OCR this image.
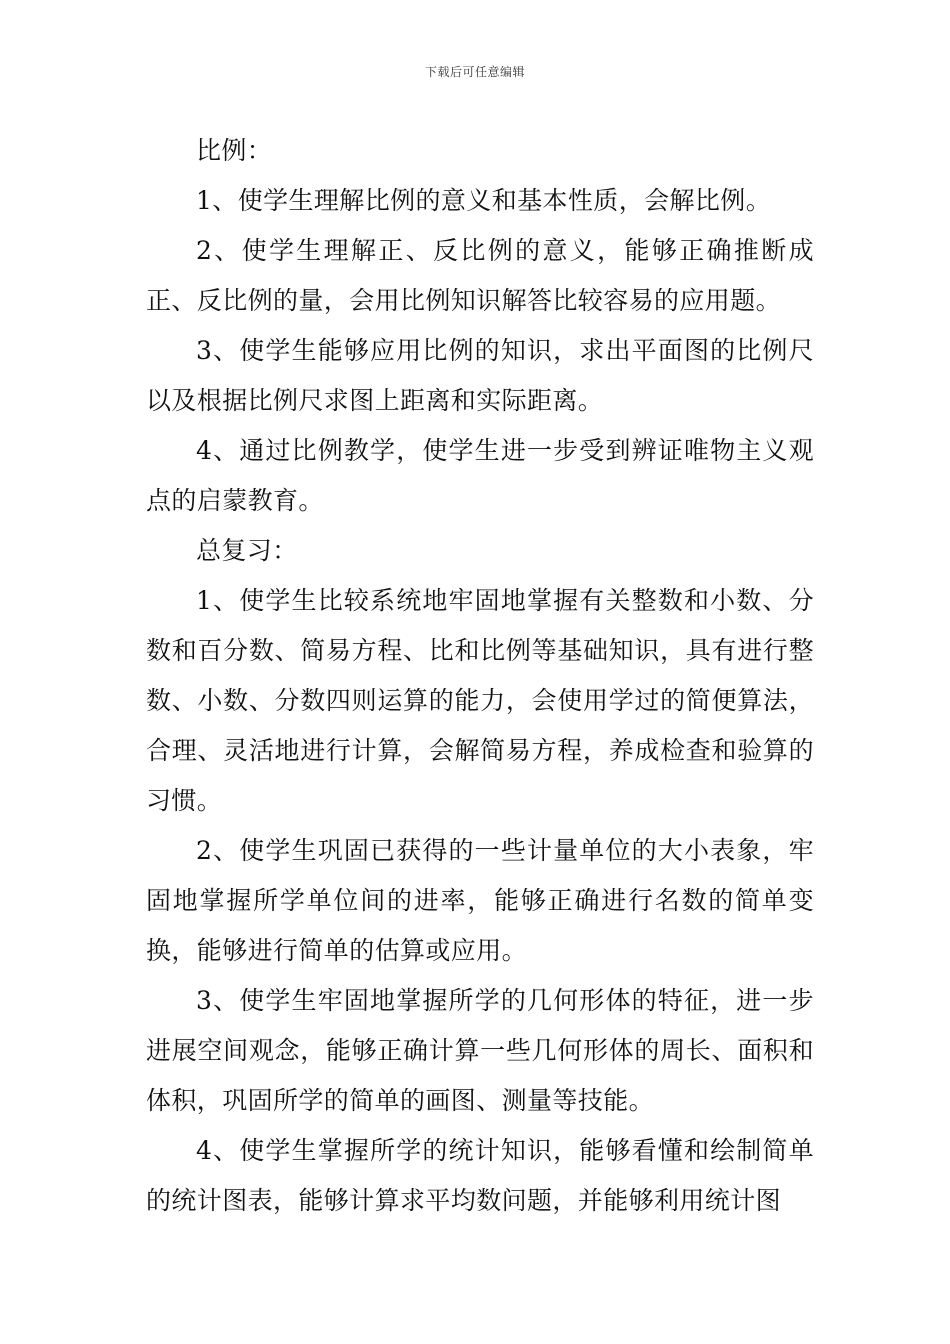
下载后可任意编辑

比例：

1、使学生理解比例的意义和基本性质，会解比例。

2、使学生理解正、反比例的意义，能够正确推断成正、反比例的量，会用比例知识解答比较容易的应用题。

3、使学生能够应用比例的知识，求出平面图的比例尺以及根据比例尺求图上距离和实际距离。

4、通过比例教学，使学生进一步受到辨证唯物主义观点的启蒙教育。

总复习：

1、使学生比较系统地牢固地掌握有关整数和小数、分数和百分数、简易方程、比和比例等基础知识，具有进行整数、小数、分数四则运算的能力，会使用学过的简便算法，合理、灵活地进行计算，会解简易方程，养成检查和验算的习惯。

2、使学生巩固已获得的一些计量单位的大小表象，牢固地掌握所学单位间的进率，能够正确进行名数的简单变换，能够进行简单的估算或应用。

3、使学生牢固地掌握所学的几何形体的特征，进一步进展空间观念，能够正确计算一些几何形体的周长、面积和体积，巩固所学的简单的画图、测量等技能。

4、使学生掌握所学的统计知识，能够看懂和绘制简单的统计图表，能够计算求平均数问题，并能够利用统计图
